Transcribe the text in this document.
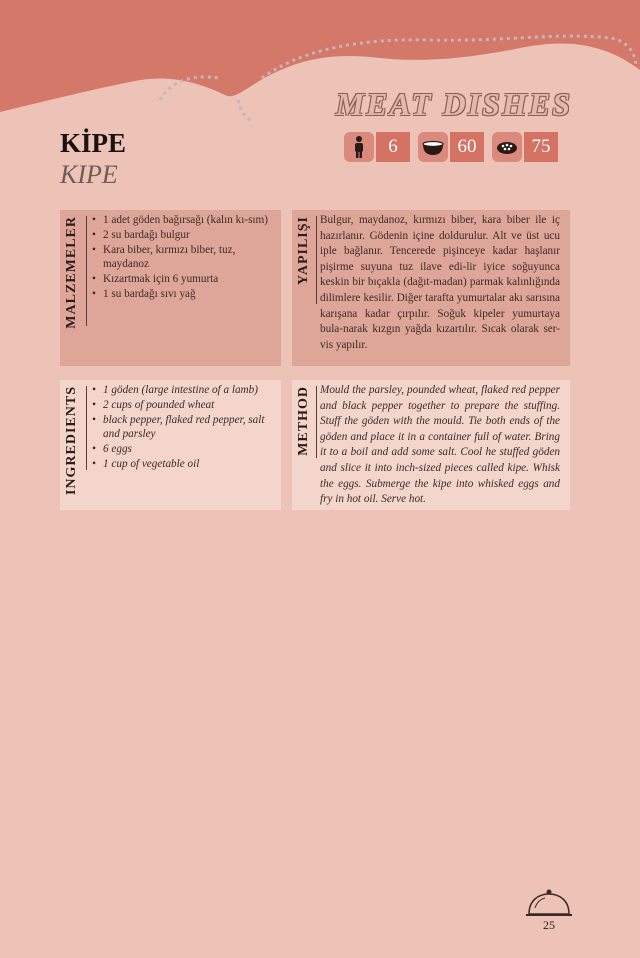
MEAT DISHES
KİPE
KIPE
6	60	75
MALZEMELER	• 1 adet göden bağırsağı (kalın kı-sım)
• 2 su bardağı bulgur
• Kara biber, kırmızı biber, tuz, maydanoz
• Kızartmak için 6 yumurta
• 1 su bardağı sıvı yağ
YAPILIŞI Bulgur, maydanoz, kırmızı biber, kara biber ile iç hazırlanır. Gödenin içine doldurulur. Alt ve üst ucu iple bağlanır. Tencerede pişinceye kadar haşlanır pişirme suyuna tuz ilave edi-lir iyice soğuyunca keskin bir bıçakla (dağıt-madan) parmak kalınlığında dilimlere kesilir. Diğer tarafta yumurtalar akı sarısına karışana kadar çırpılır. Soğuk kipeler yumurtaya bula-narak kızgın yağda kızartılır. Sıcak olarak ser-vis yapılır.

INGREDIENTS	• 1 göden (large intestine of a lamb)
• 2 cups of pounded wheat
• black pepper, flaked red pepper, salt and parsley
• 6 eggs
• 1 cup of vegetable oil
METHOD Mould the parsley, pounded wheat, flaked red pepper and black pepper together to prepare the stuffing. Stuff the göden with the mould. Tie both ends of the göden and place it in a container full of water. Bring it to a boil and add some salt. Cool he stuffed göden and slice it into inch-sized pieces called kipe. Whisk the eggs. Submerge the kipe into whisked eggs and fry in hot oil. Serve hot.

25
